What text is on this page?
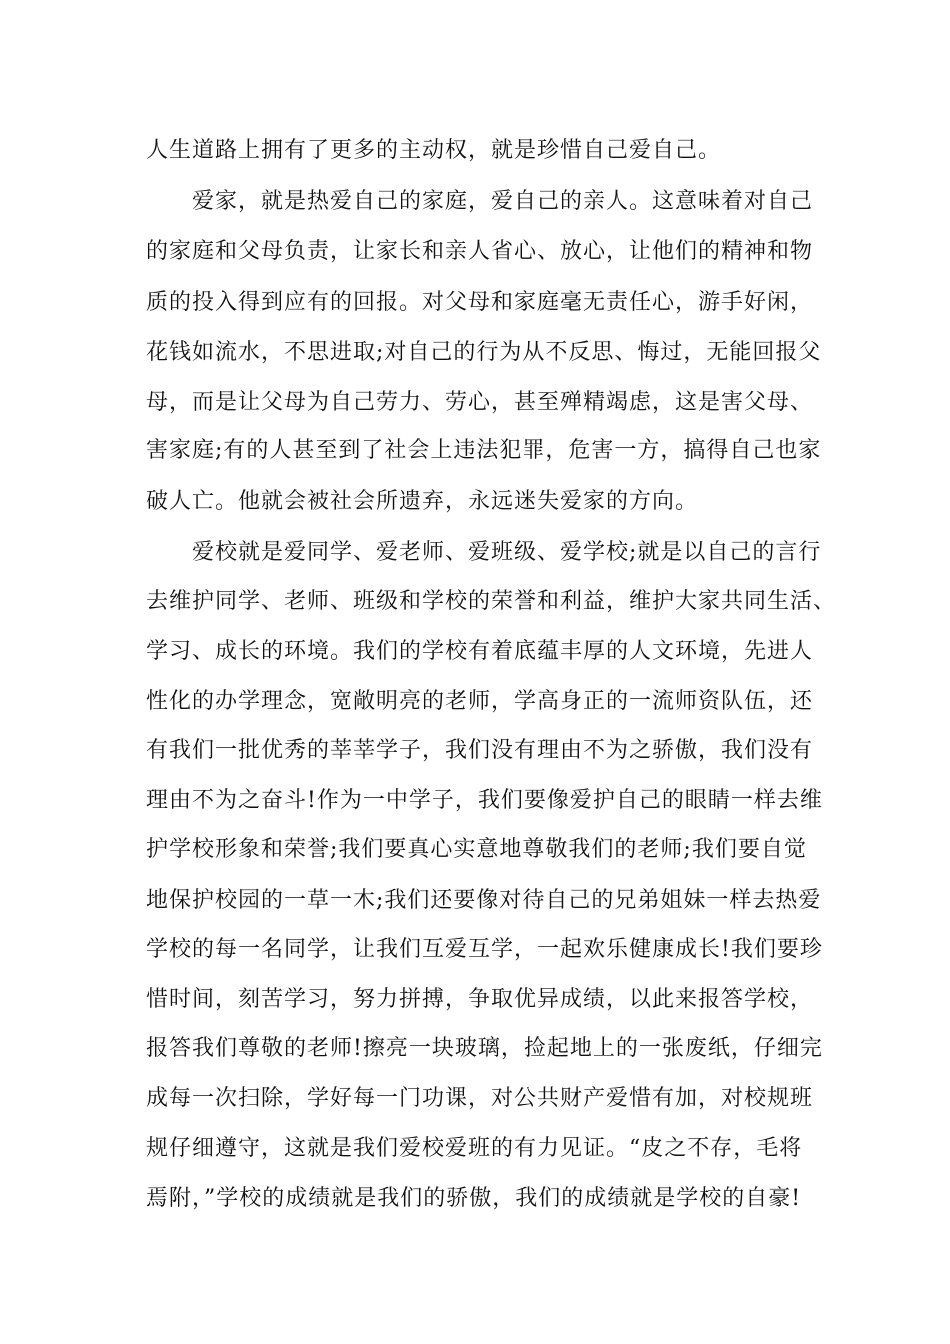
人生道路上拥有了更多的主动权，就是珍惜自己爱自己。
爱家，就是热爱自己的家庭，爱自己的亲人。这意味着对自己
的家庭和父母负责，让家长和亲人省心、放心，让他们的精神和物
质的投入得到应有的回报。对父母和家庭毫无责任心，游手好闲，
花钱如流水，不思进取;对自己的行为从不反思、悔过，无能回报父
母，而是让父母为自己劳力、劳心，甚至殚精竭虑，这是害父母、
害家庭;有的人甚至到了社会上违法犯罪，危害一方，搞得自己也家
破人亡。他就会被社会所遗弃，永远迷失爱家的方向。
爱校就是爱同学、爱老师、爱班级、爱学校;就是以自己的言行
去维护同学、老师、班级和学校的荣誉和利益，维护大家共同生活、
学习、成长的环境。我们的学校有着底蕴丰厚的人文环境，先进人
性化的办学理念，宽敞明亮的老师，学高身正的一流师资队伍，还
有我们一批优秀的莘莘学子，我们没有理由不为之骄傲，我们没有
理由不为之奋斗!作为一中学子，我们要像爱护自己的眼睛一样去维
护学校形象和荣誉;我们要真心实意地尊敬我们的老师;我们要自觉
地保护校园的一草一木;我们还要像对待自己的兄弟姐妹一样去热爱
学校的每一名同学，让我们互爱互学，一起欢乐健康成长!我们要珍
惜时间，刻苦学习，努力拼搏，争取优异成绩，以此来报答学校，
报答我们尊敬的老师!擦亮一块玻璃，捡起地上的一张废纸，仔细完
成每一次扫除，学好每一门功课，对公共财产爱惜有加，对校规班
规仔细遵守，这就是我们爱校爱班的有力见证。“皮之不存，毛将
焉附，”学校的成绩就是我们的骄傲，我们的成绩就是学校的自豪!
